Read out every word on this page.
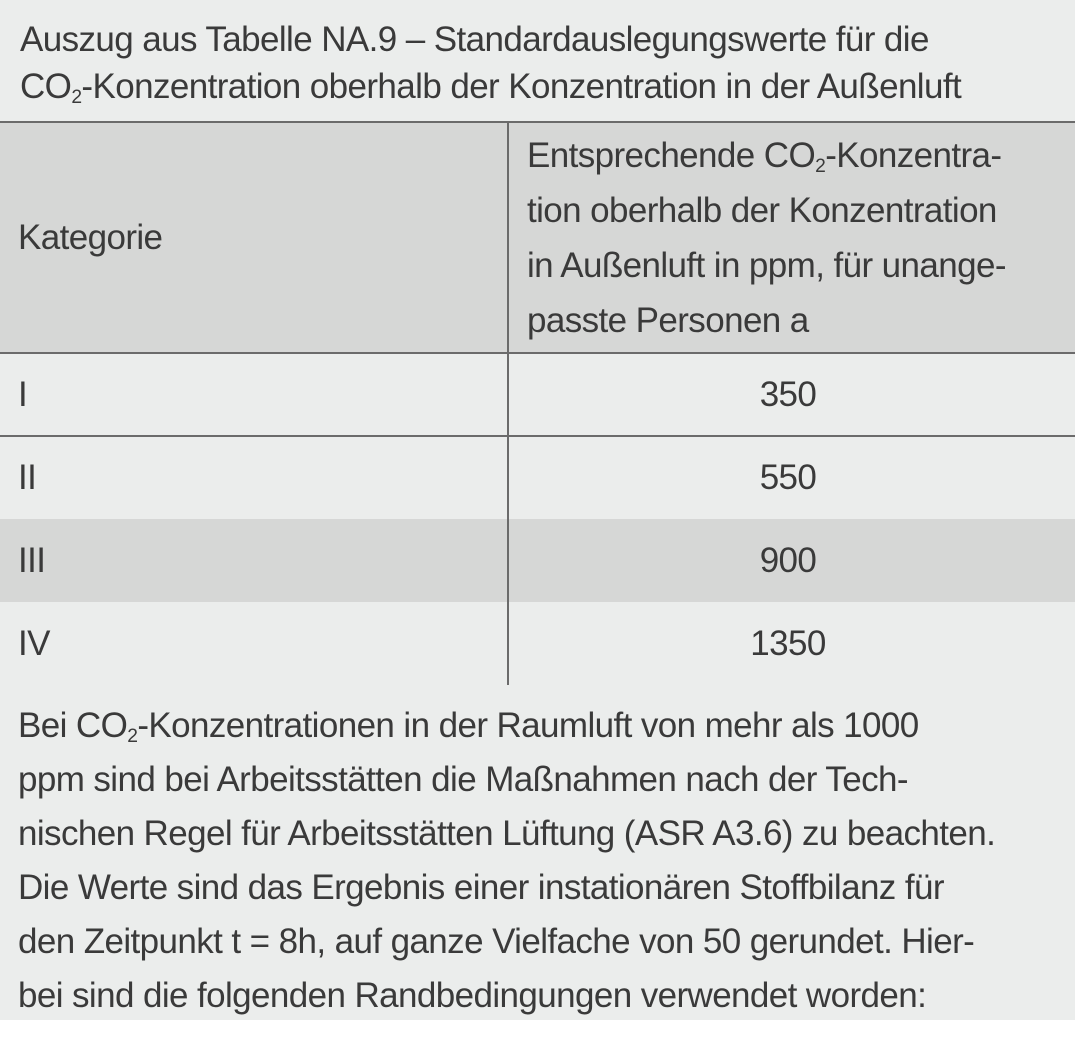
Auszug aus Tabelle NA.9 – Standardauslegungswerte für die
$CO_2$-Konzentration oberhalb der Konzentration in der Außenluft
Kategorie	Entsprechende $CO_2-Konzentra-$
tion oberhalb der Konzentration
in Außenluft in ppm, für unange-
passte Personen a

I	350
II	550
III	900
IV	1350
Bei $CO_2$-Konzentrationen in der Raumluft von mehr als 1000
ppm sind bei Arbeitsstätten die Maßnahmen nach der Tech-
nischen Regel für Arbeitsstätten Lüftung (ASR A3.6) zu beachten.
Die Werte sind das Ergebnis einer instationären Stoffbilanz für
den Zeitpunkt t = 8h, auf ganze Vielfache von 50 gerundet. Hier-
bei sind die folgenden Randbedingungen verwendet worden:
